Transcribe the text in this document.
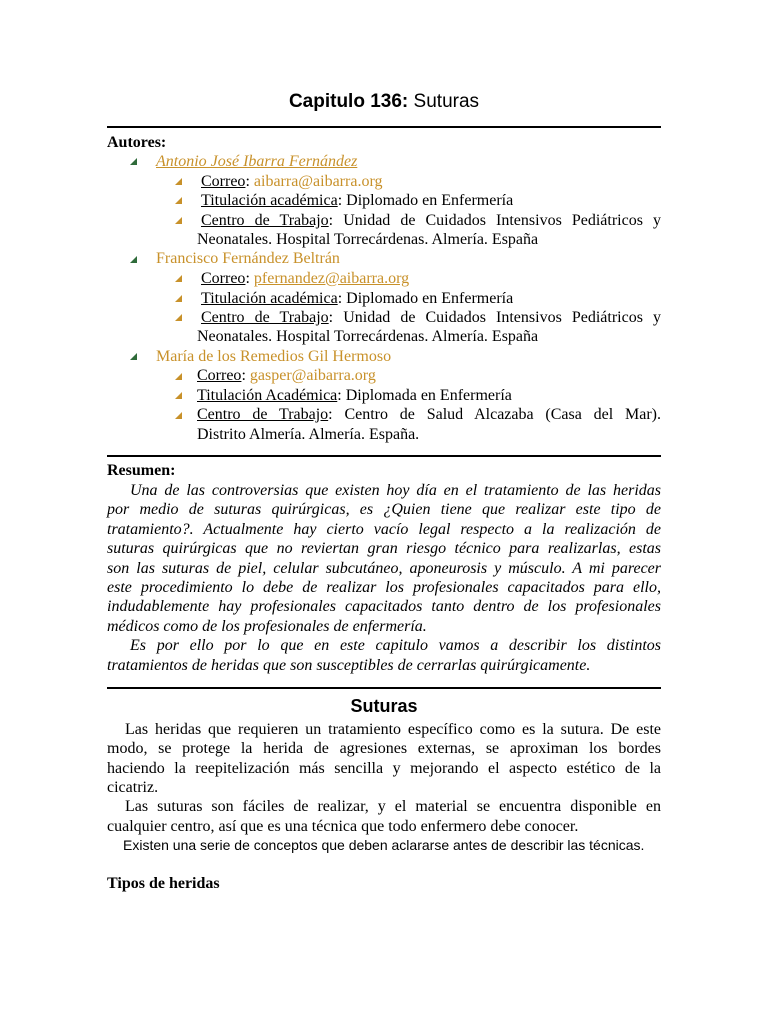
Capitulo 136: Suturas
Autores:
Antonio José Ibarra Fernández
Correo: aibarra@aibarra.org
Titulación académica: Diplomado en Enfermería
Centro de Trabajo: Unidad de Cuidados Intensivos Pediátricos y
Neonatales. Hospital Torrecárdenas. Almería. España
Francisco Fernández Beltrán
Correo: pfernandez@aibarra.org
Titulación académica: Diplomado en Enfermería
Centro de Trabajo: Unidad de Cuidados Intensivos Pediátricos y
Neonatales. Hospital Torrecárdenas. Almería. España
María de los Remedios Gil Hermoso
Correo: gasper@aibarra.org
Titulación Académica: Diplomada en Enfermería
Centro de Trabajo: Centro de Salud Alcazaba (Casa del Mar).
Distrito Almería. Almería. España.
Resumen:
Una de las controversias que existen hoy día en el tratamiento de las heridas
por medio de suturas quirúrgicas, es ¿Quien tiene que realizar este tipo de
tratamiento?. Actualmente hay cierto vacío legal respecto a la realización de
suturas quirúrgicas que no reviertan gran riesgo técnico para realizarlas, estas
son las suturas de piel, celular subcutáneo, aponeurosis y músculo. A mi parecer
este procedimiento lo debe de realizar los profesionales capacitados para ello,
indudablemente hay profesionales capacitados tanto dentro de los profesionales
médicos como de los profesionales de enfermería.
Es por ello por lo que en este capitulo vamos a describir los distintos
tratamientos de heridas que son susceptibles de cerrarlas quirúrgicamente.
Suturas
Las heridas que requieren un tratamiento específico como es la sutura. De este
modo, se protege la herida de agresiones externas, se aproximan los bordes
haciendo la reepitelización más sencilla y mejorando el aspecto estético de la
cicatriz.
Las suturas son fáciles de realizar, y el material se encuentra disponible en
cualquier centro, así que es una técnica que todo enfermero debe conocer.
Existen una serie de conceptos que deben aclararse antes de describir las técnicas.
Tipos de heridas
